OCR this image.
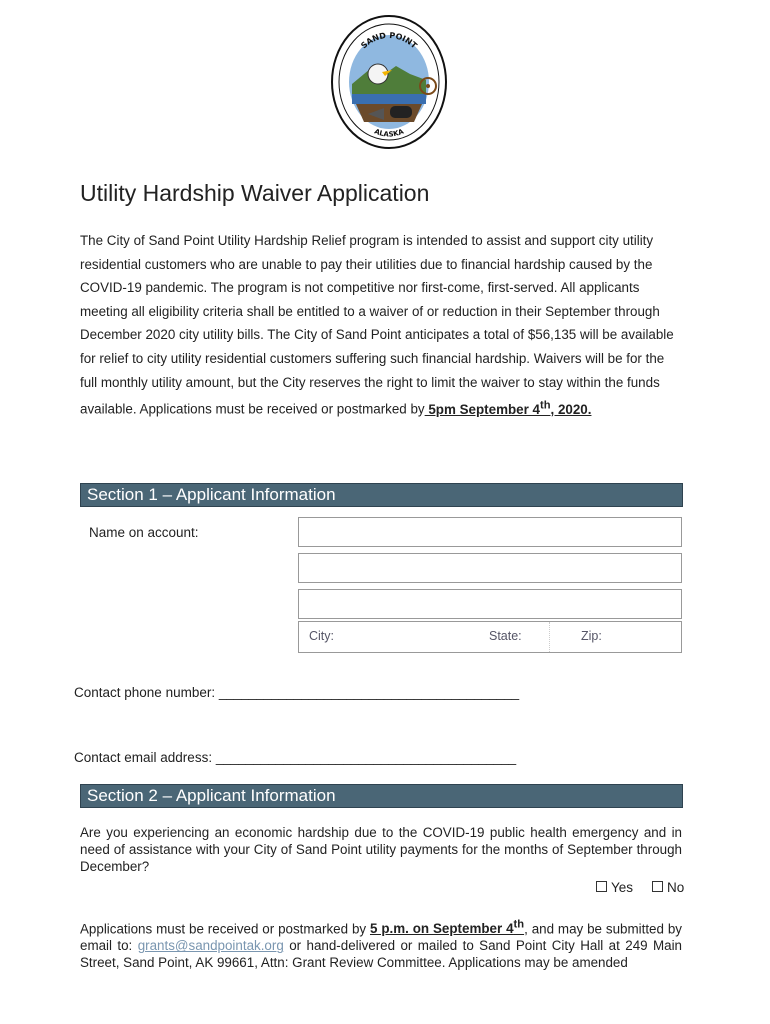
SAND POINT
ALASKA
Utility Hardship Waiver Application
The City of Sand Point Utility Hardship Relief program is intended to assist and support city utility residential customers who are unable to pay their utilities due to financial hardship caused by the COVID-19 pandemic. The program is not competitive nor first-come, first-served. All applicants meeting all eligibility criteria shall be entitled to a waiver of or reduction in their September through December 2020 city utility bills. The City of Sand Point anticipates a total of $56,135 will be available for relief to city utility residential customers suffering such financial hardship. Waivers will be for the full monthly utility amount, but the City reserves the right to limit the waiver to stay within the funds available. Applications must be received or postmarked by 5pm September 4th, 2020.
Section 1 – Applicant Information
Name on account:
City:	State:	Zip:
Contact phone number: ________________________________________
Contact email address: ________________________________________
Section 2 – Applicant Information
Are you experiencing an economic hardship due to the COVID-19 public health emergency and in need of assistance with your City of Sand Point utility payments for the months of September through December?
Yes	No
Applications must be received or postmarked by 5 p.m. on September 4th, and may be submitted by email to: grants@sandpointak.org or hand-delivered or mailed to Sand Point City Hall at 249 Main Street, Sand Point, AK 99661, Attn: Grant Review Committee. Applications may be amended
